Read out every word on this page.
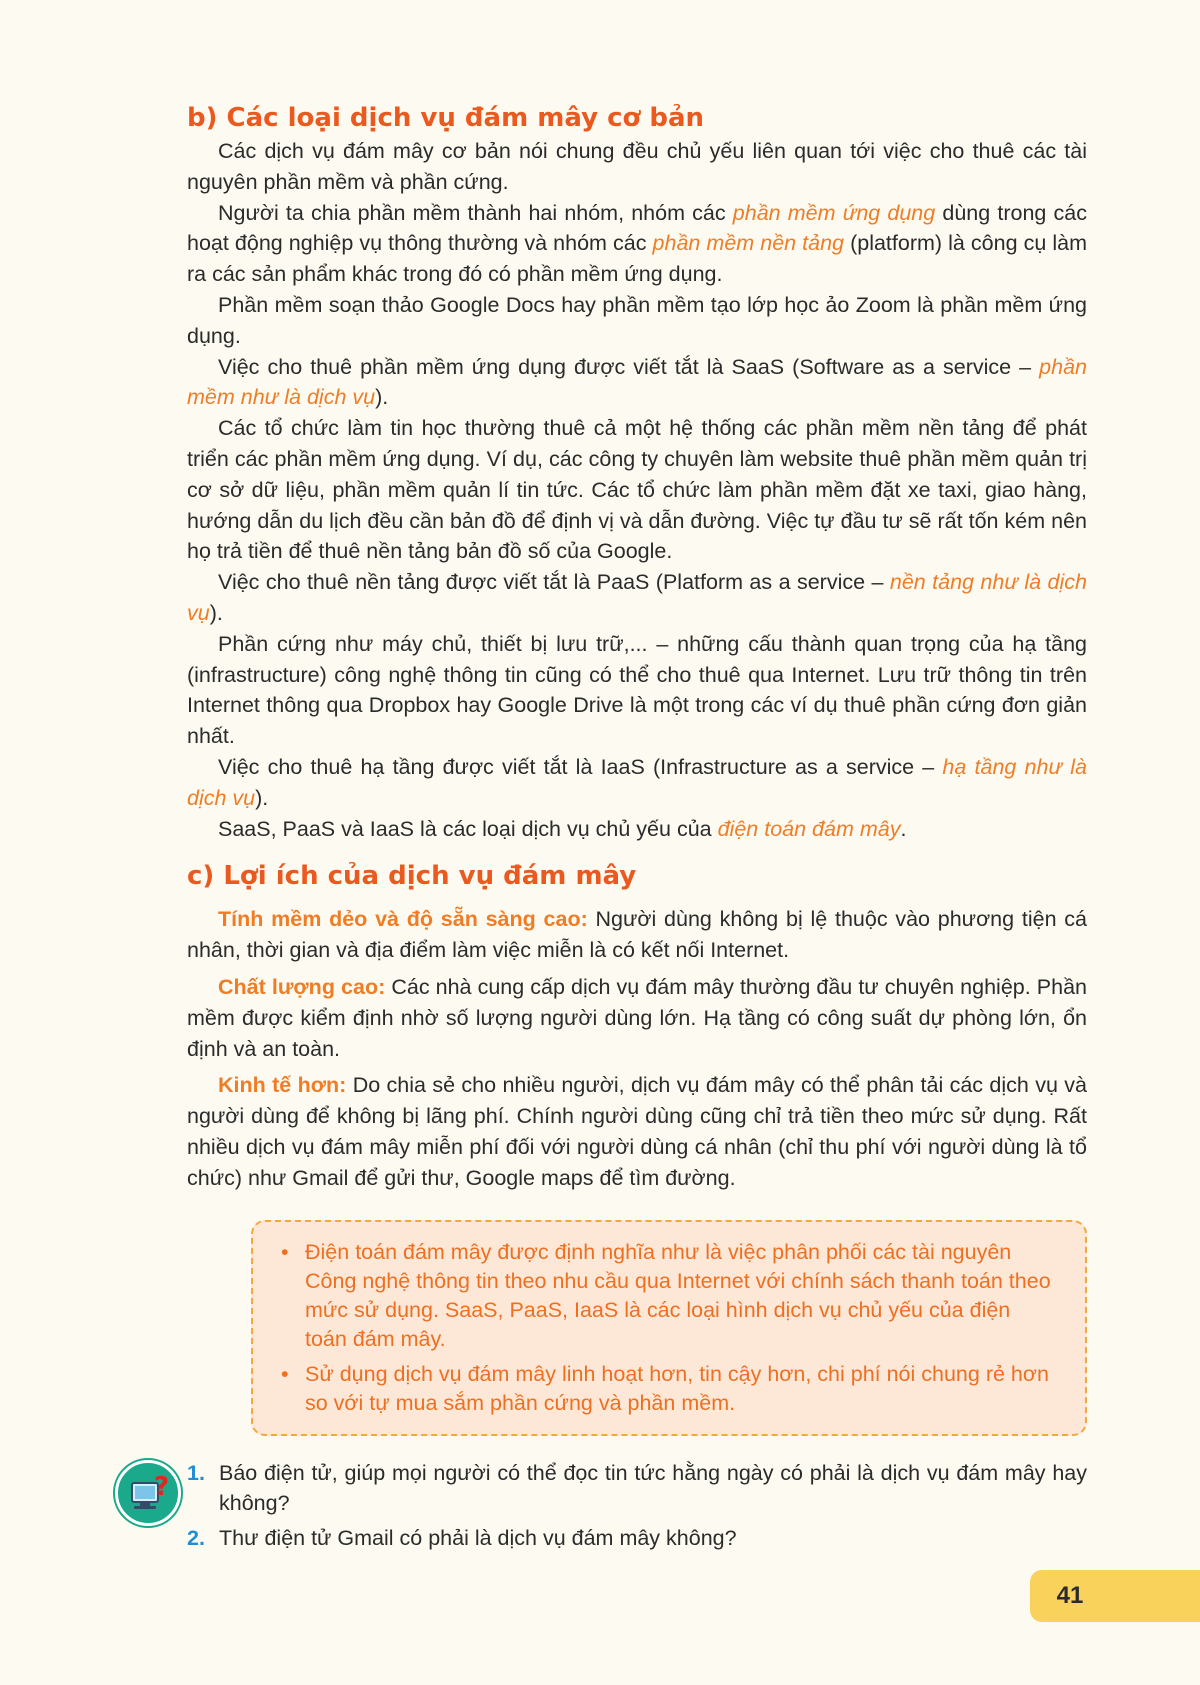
b) Các loại dịch vụ đám mây cơ bản

Các dịch vụ đám mây cơ bản nói chung đều chủ yếu liên quan tới việc cho thuê các tài nguyên phần mềm và phần cứng.

Người ta chia phần mềm thành hai nhóm, nhóm các phần mềm ứng dụng dùng trong các hoạt động nghiệp vụ thông thường và nhóm các phần mềm nền tảng (platform) là công cụ làm ra các sản phẩm khác trong đó có phần mềm ứng dụng.

Phần mềm soạn thảo Google Docs hay phần mềm tạo lớp học ảo Zoom là phần mềm ứng dụng.

Việc cho thuê phần mềm ứng dụng được viết tắt là SaaS (Software as a service – phần mềm như là dịch vụ).

Các tổ chức làm tin học thường thuê cả một hệ thống các phần mềm nền tảng để phát triển các phần mềm ứng dụng. Ví dụ, các công ty chuyên làm website thuê phần mềm quản trị cơ sở dữ liệu, phần mềm quản lí tin tức. Các tổ chức làm phần mềm đặt xe taxi, giao hàng, hướng dẫn du lịch đều cần bản đồ để định vị và dẫn đường. Việc tự đầu tư sẽ rất tốn kém nên họ trả tiền để thuê nền tảng bản đồ số của Google.

Việc cho thuê nền tảng được viết tắt là PaaS (Platform as a service – nền tảng như là dịch vụ).

Phần cứng như máy chủ, thiết bị lưu trữ,... – những cấu thành quan trọng của hạ tầng (infrastructure) công nghệ thông tin cũng có thể cho thuê qua Internet. Lưu trữ thông tin trên Internet thông qua Dropbox hay Google Drive là một trong các ví dụ thuê phần cứng đơn giản nhất.

Việc cho thuê hạ tầng được viết tắt là IaaS (Infrastructure as a service – hạ tầng như là dịch vụ).

SaaS, PaaS và IaaS là các loại dịch vụ chủ yếu của điện toán đám mây.

c) Lợi ích của dịch vụ đám mây

Tính mềm dẻo và độ sẵn sàng cao: Người dùng không bị lệ thuộc vào phương tiện cá nhân, thời gian và địa điểm làm việc miễn là có kết nối Internet.

Chất lượng cao: Các nhà cung cấp dịch vụ đám mây thường đầu tư chuyên nghiệp. Phần mềm được kiểm định nhờ số lượng người dùng lớn. Hạ tầng có công suất dự phòng lớn, ổn định và an toàn.

Kinh tế hơn: Do chia sẻ cho nhiều người, dịch vụ đám mây có thể phân tải các dịch vụ và người dùng để không bị lãng phí. Chính người dùng cũng chỉ trả tiền theo mức sử dụng. Rất nhiều dịch vụ đám mây miễn phí đối với người dùng cá nhân (chỉ thu phí với người dùng là tổ chức) như Gmail để gửi thư, Google maps để tìm đường.

• Điện toán đám mây được định nghĩa như là việc phân phối các tài nguyên Công nghệ thông tin theo nhu cầu qua Internet với chính sách thanh toán theo mức sử dụng. SaaS, PaaS, IaaS là các loại hình dịch vụ chủ yếu của điện toán đám mây.
• Sử dụng dịch vụ đám mây linh hoạt hơn, tin cậy hơn, chi phí nói chung rẻ hơn so với tự mua sắm phần cứng và phần mềm.
? 1. Báo điện tử, giúp mọi người có thể đọc tin tức hằng ngày có phải là dịch vụ đám mây hay không?
2. Thư điện tử Gmail có phải là dịch vụ đám mây không?
41
